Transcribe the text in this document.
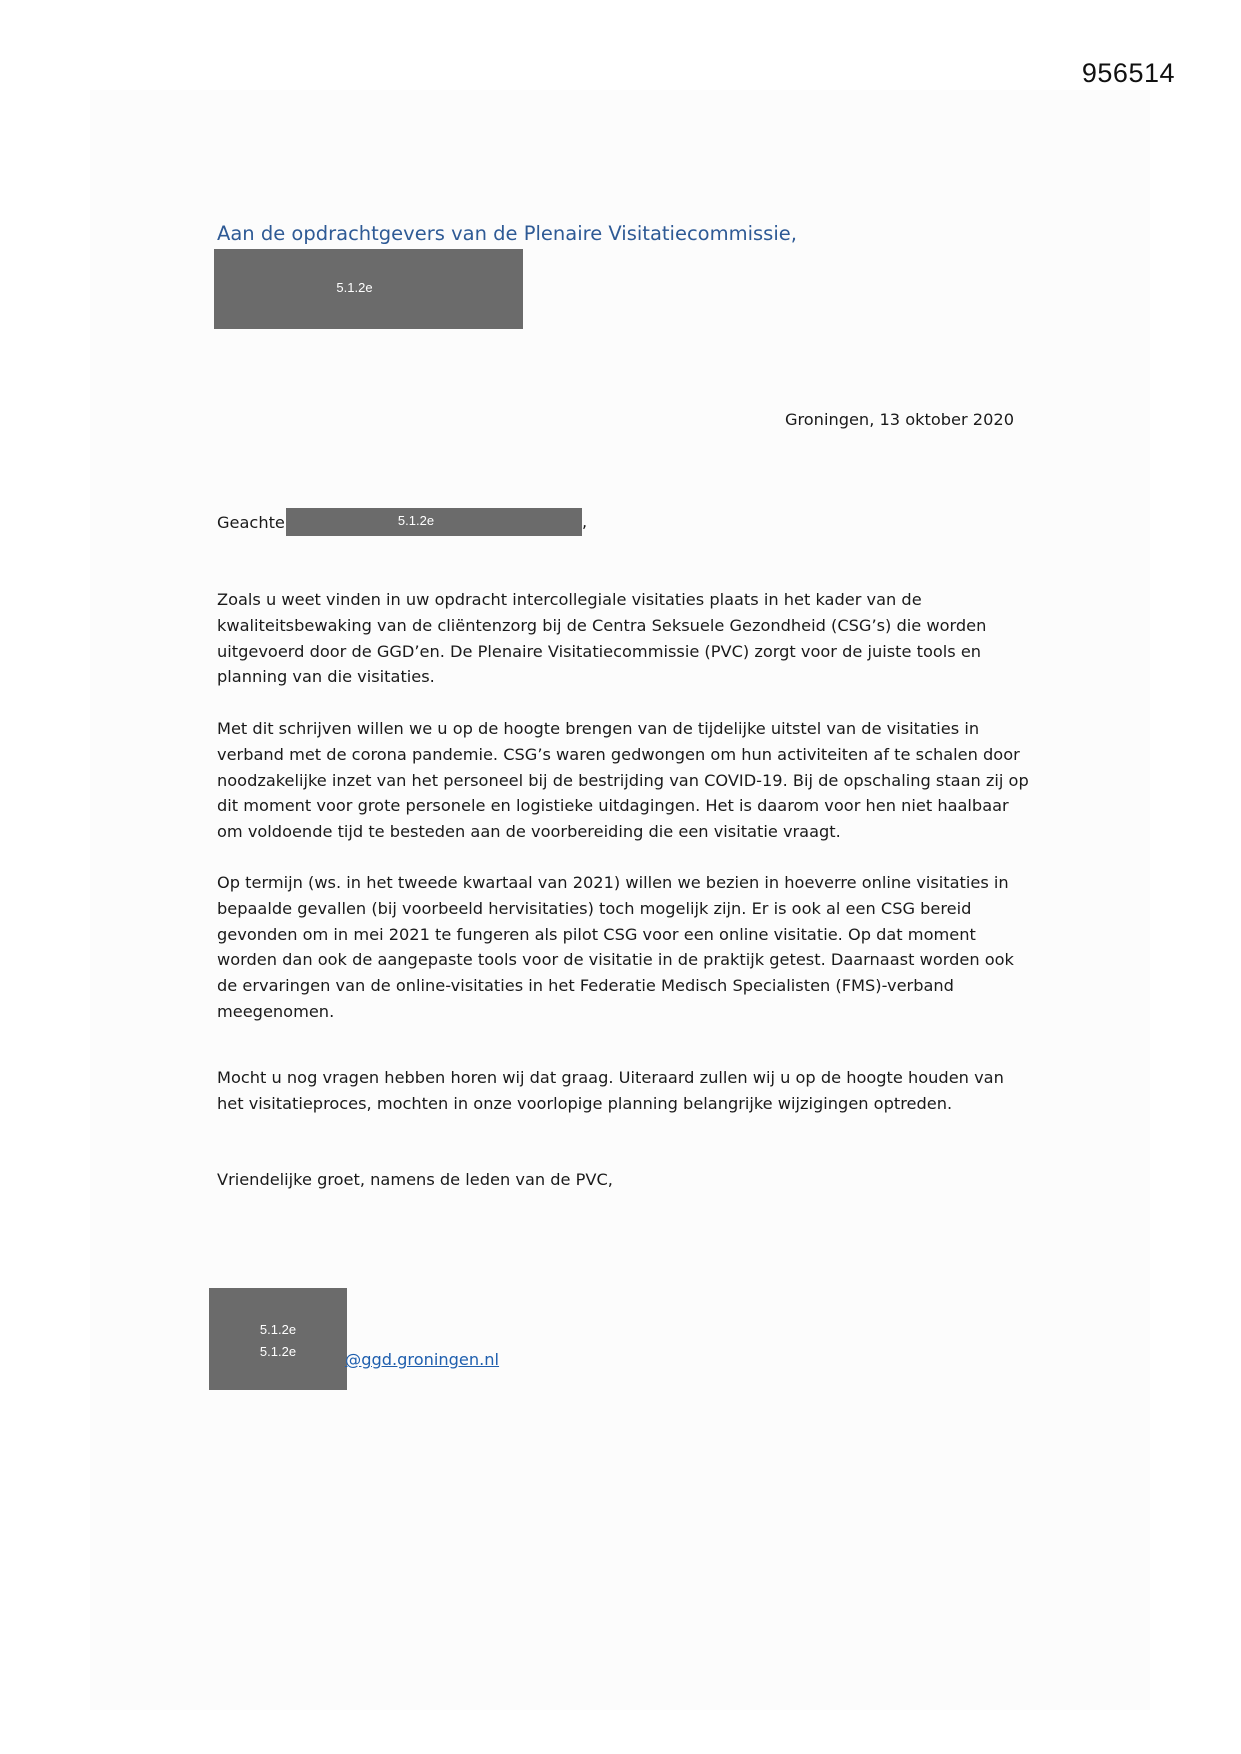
956514
Aan de opdrachtgevers van de Plenaire Visitatiecommissie,
5.1.2e
Groningen, 13 oktober 2020
Geachte	5.1.2e	,

Zoals u weet vinden in uw opdracht intercollegiale visitaties plaats in het kader van de kwaliteitsbewaking van de cliëntenzorg bij de Centra Seksuele Gezondheid (CSG’s) die worden uitgevoerd door de GGD’en. De Plenaire Visitatiecommissie (PVC) zorgt voor de juiste tools en planning van die visitaties.

Met dit schrijven willen we u op de hoogte brengen van de tijdelijke uitstel van de visitaties in verband met de corona pandemie. CSG’s waren gedwongen om hun activiteiten af te schalen door noodzakelijke inzet van het personeel bij de bestrijding van COVID-19. Bij de opschaling staan zij op dit moment voor grote personele en logistieke uitdagingen. Het is daarom voor hen niet haalbaar om voldoende tijd te besteden aan de voorbereiding die een visitatie vraagt.

Op termijn (ws. in het tweede kwartaal van 2021) willen we bezien in hoeverre online visitaties in bepaalde gevallen (bij voorbeeld hervisitaties) toch mogelijk zijn. Er is ook al een CSG bereid gevonden om in mei 2021 te fungeren als pilot CSG voor een online visitatie. Op dat moment worden dan ook de aangepaste tools voor de visitatie in de praktijk getest. Daarnaast worden ook de ervaringen van de online-visitaties in het Federatie Medisch Specialisten (FMS)-verband meegenomen.

Mocht u nog vragen hebben horen wij dat graag. Uiteraard zullen wij u op de hoogte houden van het visitatieproces, mochten in onze voorlopige planning belangrijke wijzigingen optreden.

Vriendelijke groet, namens de leden van de PVC,
5.1.2e
5.1.2e	@ggd.groningen.nl
